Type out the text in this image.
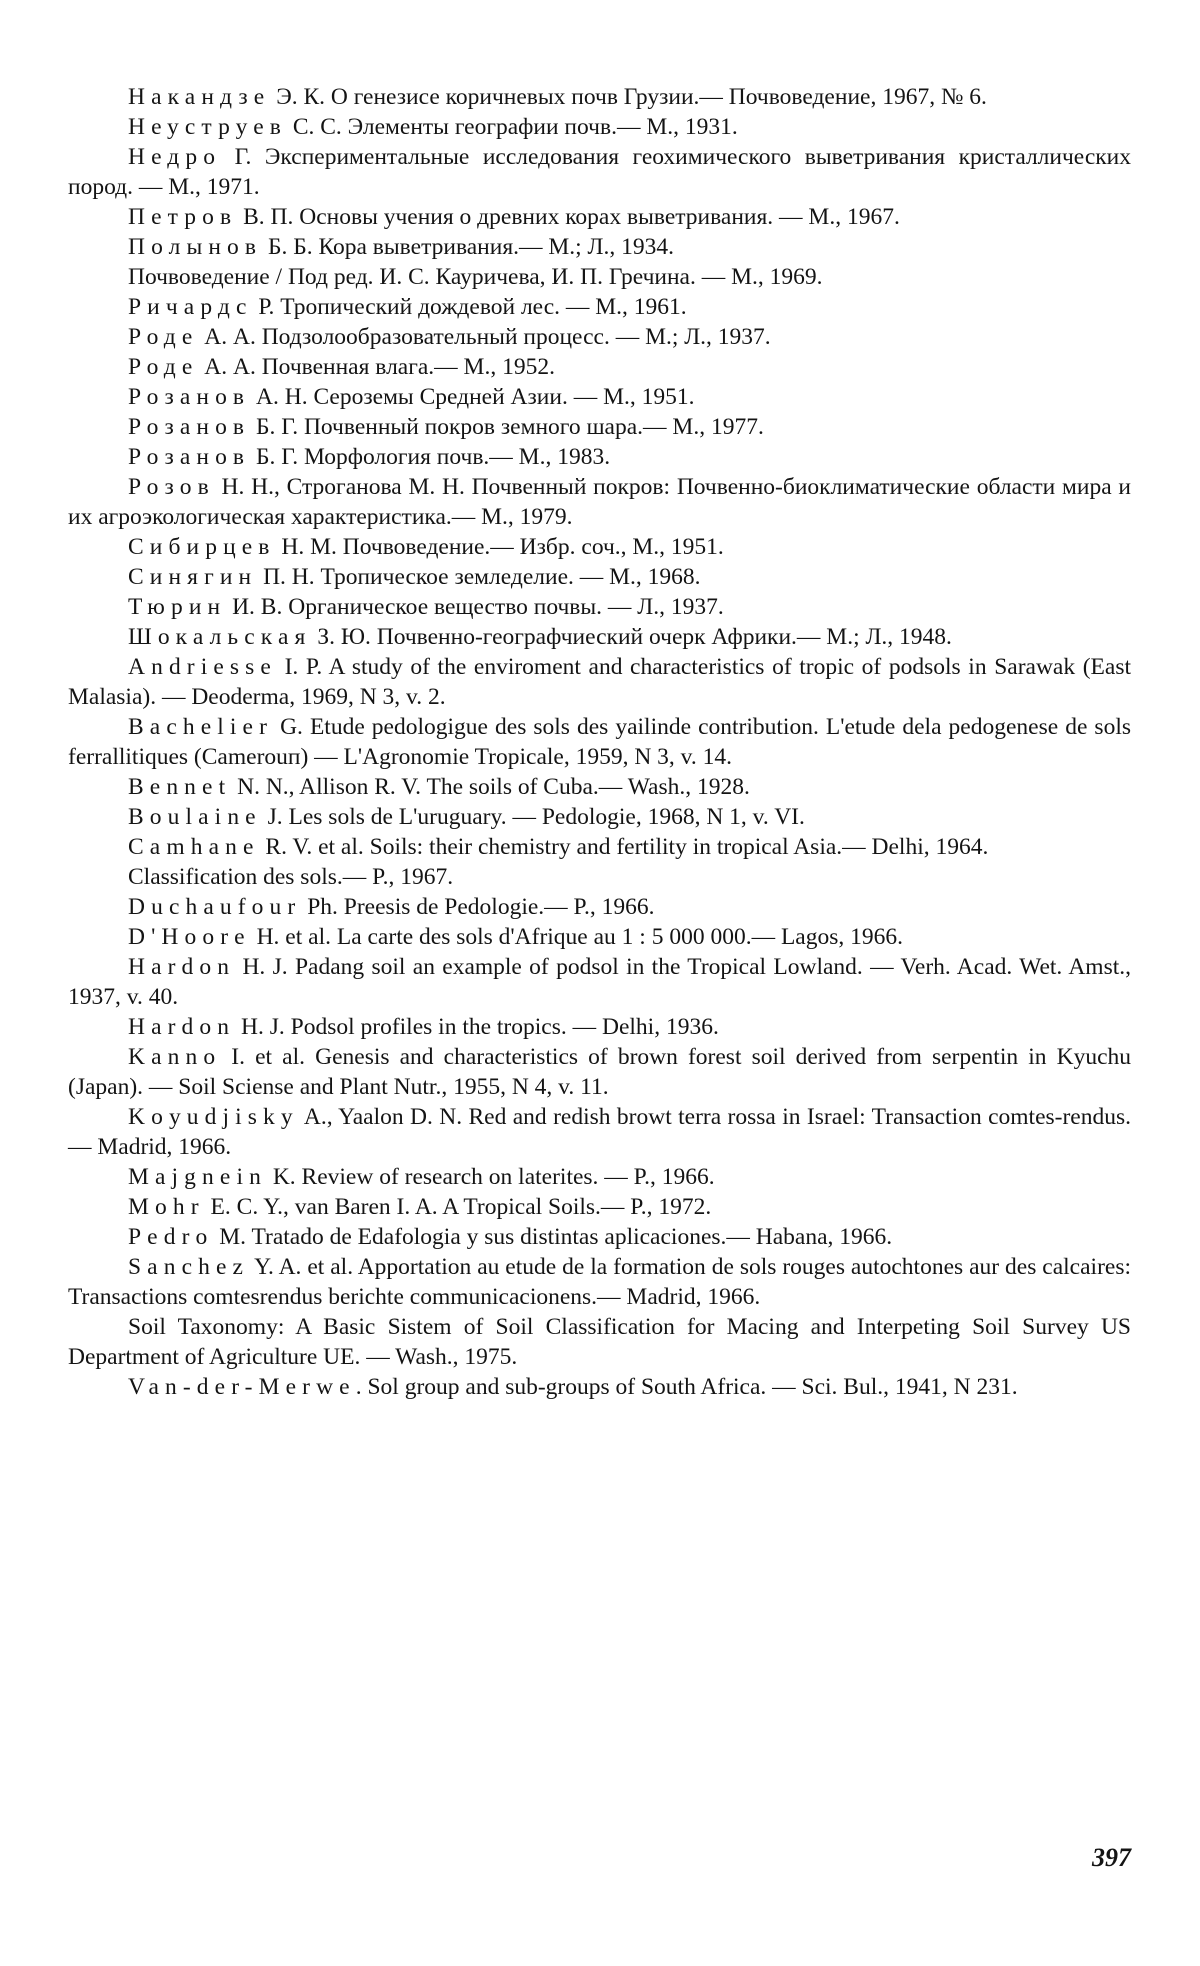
Накандзе Э. К. О генезисе коричневых почв Грузии.— Почвоведение, 1967, № 6.

Неуструев С. С. Элементы географии почв.— М., 1931.

Недро Г. Экспериментальные исследования геохимического выветривания кристаллических пород. — М., 1971.

Петров В. П. Основы учения о древних корах выветривания. — М., 1967.

Полынов Б. Б. Кора выветривания.— М.; Л., 1934.

Почвоведение / Под ред. И. С. Кауричева, И. П. Гречина. — М., 1969.

Ричардс Р. Тропический дождевой лес. — М., 1961.

Роде А. А. Подзолообразовательный процесс. — М.; Л., 1937.

Роде А. А. Почвенная влага.— М., 1952.

Розанов А. Н. Сероземы Средней Азии. — М., 1951.

Розанов Б. Г. Почвенный покров земного шара.— М., 1977.

Розанов Б. Г. Морфология почв.— М., 1983.

Розов Н. Н., Строганова М. Н. Почвенный покров: Почвенно-биоклиматические области мира и их агроэкологическая характеристика.— М., 1979.

Сибирцев Н. М. Почвоведение.— Избр. соч., М., 1951.

Синягин П. Н. Тропическое земледелие. — М., 1968.

Тюрин И. В. Органическое вещество почвы. — Л., 1937.

Шокальская З. Ю. Почвенно-географчиеский очерк Африки.— М.; Л., 1948.

Andriesse I. P. A study of the enviroment and characteristics of tropic of podsols in Sarawak (East Malasia). — Deoderma, 1969, N 3, v. 2.

Bachelier G. Etude pedologigue des sols des yailinde contribution. L'etude dela pedogenese de sols ferrallitiques (Camerouп) — L'Agronomie Tropicale, 1959, N 3, v. 14.

Bennet N. N., Allison R. V. The soils of Cuba.— Wash., 1928.

Boulaine J. Les sols de L'uruguary. — Pedologie, 1968, N 1, v. VI.

Camhane R. V. et al. Soils: their chemistry and fertility in tropical Asia.— Delhi, 1964.

Classification des sols.— P., 1967.

Duchaufour Ph. Preesis de Pedologie.— P., 1966.

D'Hoore H. et al. La carte des sols d'Afrique au 1 : 5 000 000.— Lagos, 1966.

Hardon H. J. Padang soil an example of podsol in the Tropical Lowland. — Verh. Acad. Wet. Amst., 1937, v. 40.

Hardon H. J. Podsol profiles in the tropics. — Delhi, 1936.

Kanno I. et al. Genesis and characteristics of brown forest soil derived from serpentin in Kyuchu (Japan). — Soil Sciense and Plant Nutr., 1955, N 4, v. 11.

Koyudjisky A., Yaalon D. N. Red and redish browt terra rossa in Israel: Transaction comtes-rendus. — Madrid, 1966.

Majgnein K. Review of research on laterites. — P., 1966.

Mohr E. C. Y., van Baren I. A. A Tropical Soils.— P., 1972.

Pedro M. Tratado de Edafologia y sus distintas aplicaciones.— Habana, 1966.

Sanchez Y. A. et al. Apportation au etude de la formation de sols rouges autochtones aur des calcaires: Transactions comtesrendus berichte communicacionens.— Madrid, 1966.

Soil Taxonomy: A Basic Sistem of Soil Classification for Macing and Interpeting Soil Survey US Department of Agriculture UE. — Wash., 1975.

Van-der-Merwe. Sol group and sub-groups of South Africa. — Sci. Bul., 1941, N 231.

397
